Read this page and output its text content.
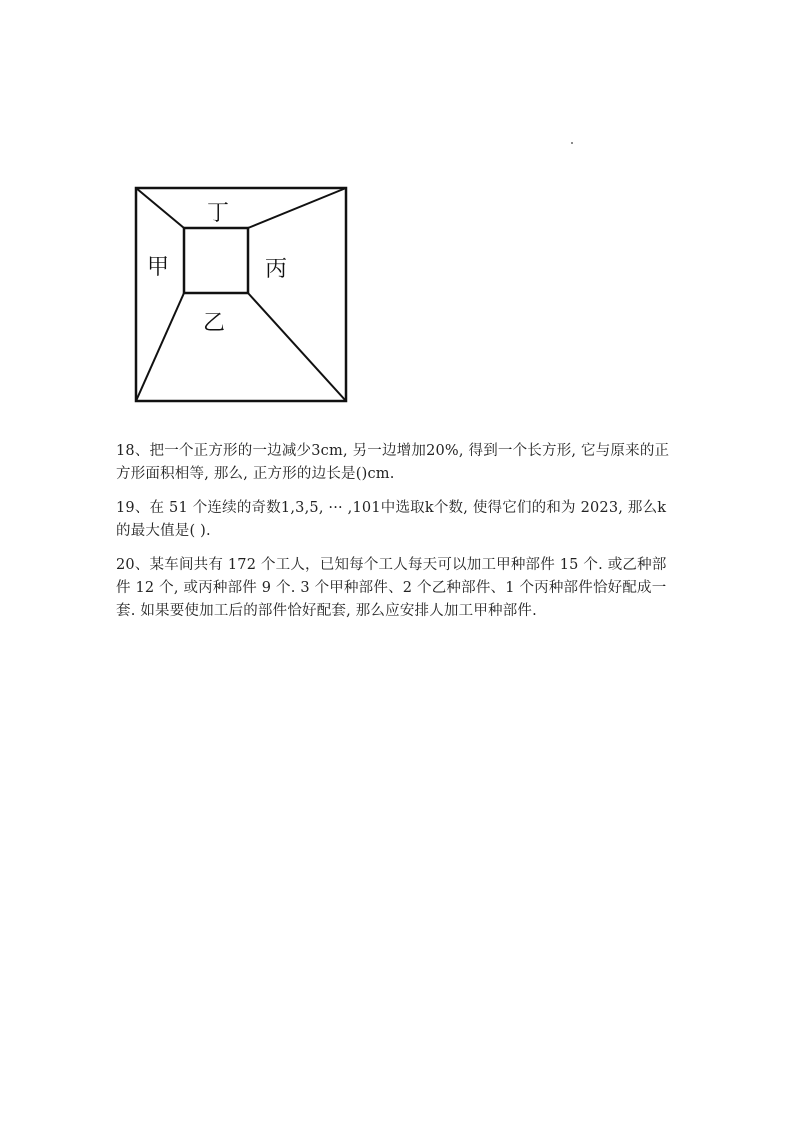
丁
甲	丙
乙

18、把一个正方形的一边减少3cm, 另一边增加20%, 得到一个长方形, 它与原来的正方形面积相等, 那么, 正方形的边长是()cm.

19、在 51 个连续的奇数1,3,5, ··· ,101中选取k个数, 使得它们的和为 2023, 那么k的最大值是( ).

20、某车间共有 172 个工人，已知每个工人每天可以加工甲种部件 15 个. 或乙种部件 12 个, 或丙种部件 9 个. 3 个甲种部件、2 个乙种部件、1 个丙种部件恰好配成一套. 如果要使加工后的部件恰好配套, 那么应安排人加工甲种部件.
